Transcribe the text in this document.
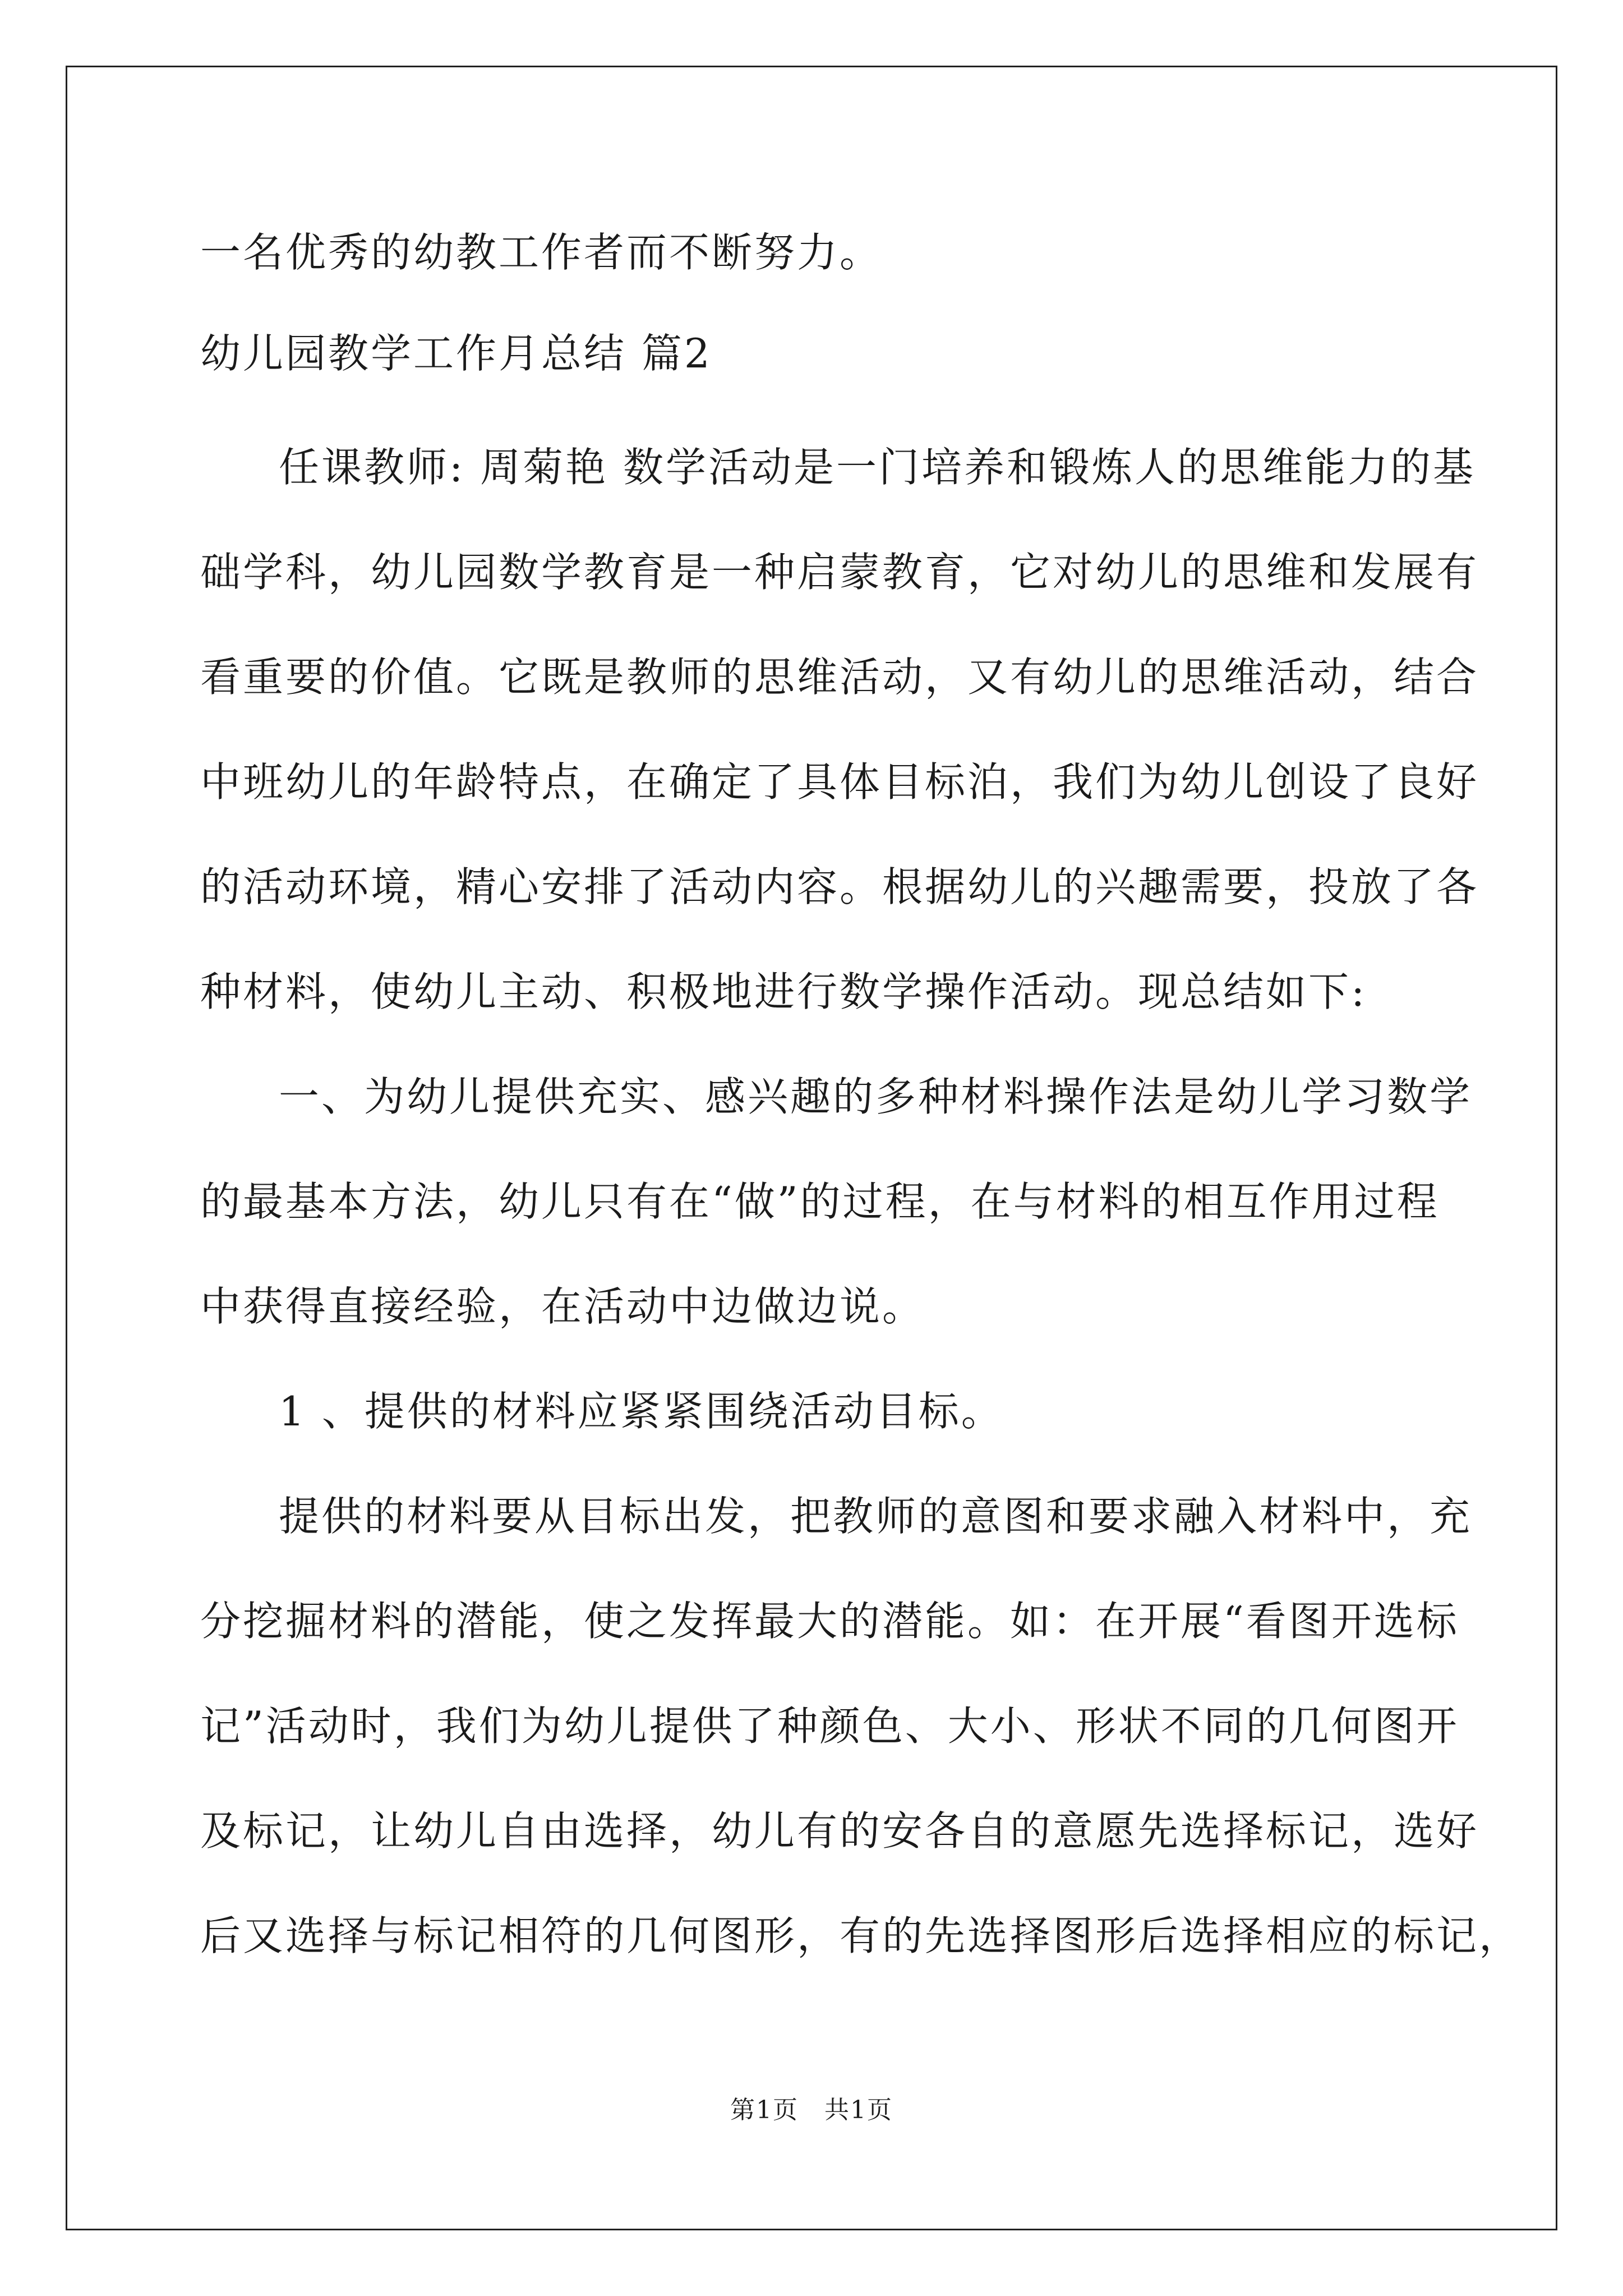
一名优秀的幼教工作者而不断努力。
幼儿园教学工作月总结 篇2
任课教师: 周菊艳 数学活动是一门培养和锻炼人的思维能力的基
础学科，幼儿园数学教育是一种启蒙教育，它对幼儿的思维和发展有
看重要的价值。它既是教师的思维活动，又有幼儿的思维活动，结合
中班幼儿的年龄特点，在确定了具体目标泊，我们为幼儿创设了良好
的活动环境，精心安排了活动内容。根据幼儿的兴趣需要，投放了各
种材料，使幼儿主动、积极地进行数学操作活动。现总结如下:
一、为幼儿提供充实、感兴趣的多种材料操作法是幼儿学习数学
的最基本方法，幼儿只有在“做”的过程，在与材料的相互作用过程
中获得直接经验，在活动中边做边说。
1 、提供的材料应紧紧围绕活动目标。
提供的材料要从目标出发，把教师的意图和要求融入材料中，充
分挖掘材料的潜能，使之发挥最大的潜能。如：在开展“看图开选标
记”活动时，我们为幼儿提供了种颜色、大小、形状不同的几何图开
及标记，让幼儿自由选择，幼儿有的安各自的意愿先选择标记，选好
后又选择与标记相符的几何图形，有的先选择图形后选择相应的标记，
第1页　共1页
